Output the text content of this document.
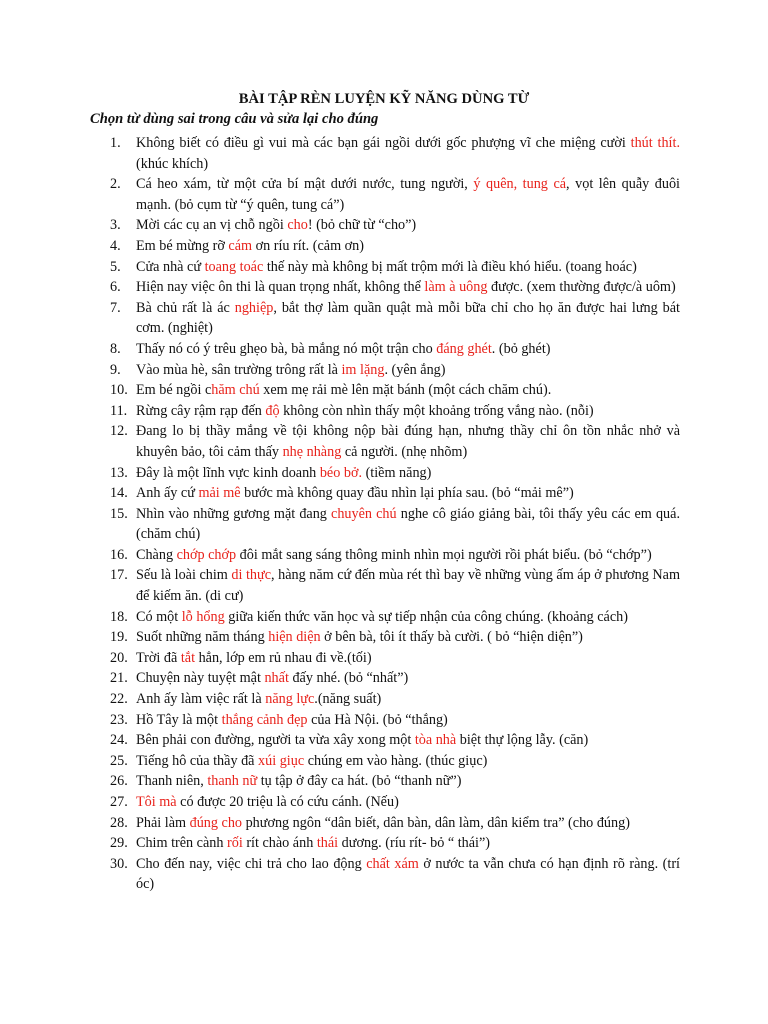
BÀI TẬP RÈN LUYỆN KỸ NĂNG DÙNG TỪ
Chọn từ dùng sai trong câu và sửa lại cho đúng
1. Không biết có điều gì vui mà các bạn gái ngồi dưới gốc phượng vĩ che miệng cười thút thít. (khúc khích)
2. Cá heo xám, từ một cửa bí mật dưới nước, tung người, ý quên, tung cá, vọt lên quẫy đuôi mạnh. (bỏ cụm từ “ý quên, tung cá”)
3. Mời các cụ an vị chỗ ngồi cho! (bỏ chữ từ “cho”)
4. Em bé mừng rỡ cám ơn ríu rít. (cảm ơn)
5. Cửa nhà cứ toang toác thế này mà không bị mất trộm mới là điều khó hiểu. (toang hoác)
6. Hiện nay việc ôn thi là quan trọng nhất, không thể làm à uông được. (xem thường được/à uôm)
7. Bà chủ rất là ác nghiệp, bắt thợ làm quần quật mà mỗi bữa chỉ cho họ ăn được hai lưng bát cơm. (nghiệt)
8. Thấy nó có ý trêu ghẹo bà, bà mắng nó một trận cho đáng ghét. (bỏ ghét)
9. Vào mùa hè, sân trường trông rất là im lặng. (yên ắng)
10. Em bé ngồi chăm chú xem mẹ rải mè lên mặt bánh (một cách chăm chú).
11. Rừng cây rậm rạp đến độ không còn nhìn thấy một khoảng trống vắng nào. (nỗi)
12. Đang lo bị thầy mắng về tội không nộp bài đúng hạn, nhưng thầy chỉ ôn tồn nhắc nhở và khuyên bảo, tôi cảm thấy nhẹ nhàng cả người. (nhẹ nhõm)
13. Đây là một lĩnh vực kinh doanh béo bở. (tiềm năng)
14. Anh ấy cứ mải mê bước mà không quay đầu nhìn lại phía sau. (bỏ “mải mê”)
15. Nhìn vào những gương mặt đang chuyên chú nghe cô giáo giảng bài, tôi thấy yêu các em quá. (chăm chú)
16. Chàng chớp chớp đôi mắt sang sáng thông minh nhìn mọi người rồi phát biểu. (bỏ “chớp”)
17. Sếu là loài chim di thực, hàng năm cứ đến mùa rét thì bay về những vùng ấm áp ở phương Nam để kiếm ăn. (di cư)
18. Có một lỗ hổng giữa kiến thức văn học và sự tiếp nhận của công chúng. (khoảng cách)
19. Suốt những năm tháng hiện diện ở bên bà, tôi ít thấy bà cười. ( bỏ “hiện diện”)
20. Trời đã tắt hẳn, lớp em rủ nhau đi về.(tối)
21. Chuyện này tuyệt mật nhất đấy nhé. (bỏ “nhất”)
22. Anh ấy làm việc rất là năng lực.(năng suất)
23. Hồ Tây là một thắng cảnh đẹp của Hà Nội. (bỏ “thắng)
24. Bên phải con đường, người ta vừa xây xong một tòa nhà biệt thự lộng lẫy. (căn)
25. Tiếng hô của thầy đã xúi giục chúng em vào hàng. (thúc giục)
26. Thanh niên, thanh nữ tụ tập ở đây ca hát. (bỏ “thanh nữ”)
27. Tôi mà có được 20 triệu là có cứu cánh. (Nếu)
28. Phải làm đúng cho phương ngôn “dân biết, dân bàn, dân làm, dân kiểm tra” (cho đúng)
29. Chim trên cành rối rít chào ánh thái dương. (ríu rít- bỏ “ thái”)
30. Cho đến nay, việc chi trả cho lao động chất xám ở nước ta vẫn chưa có hạn định rõ ràng. (trí óc)
